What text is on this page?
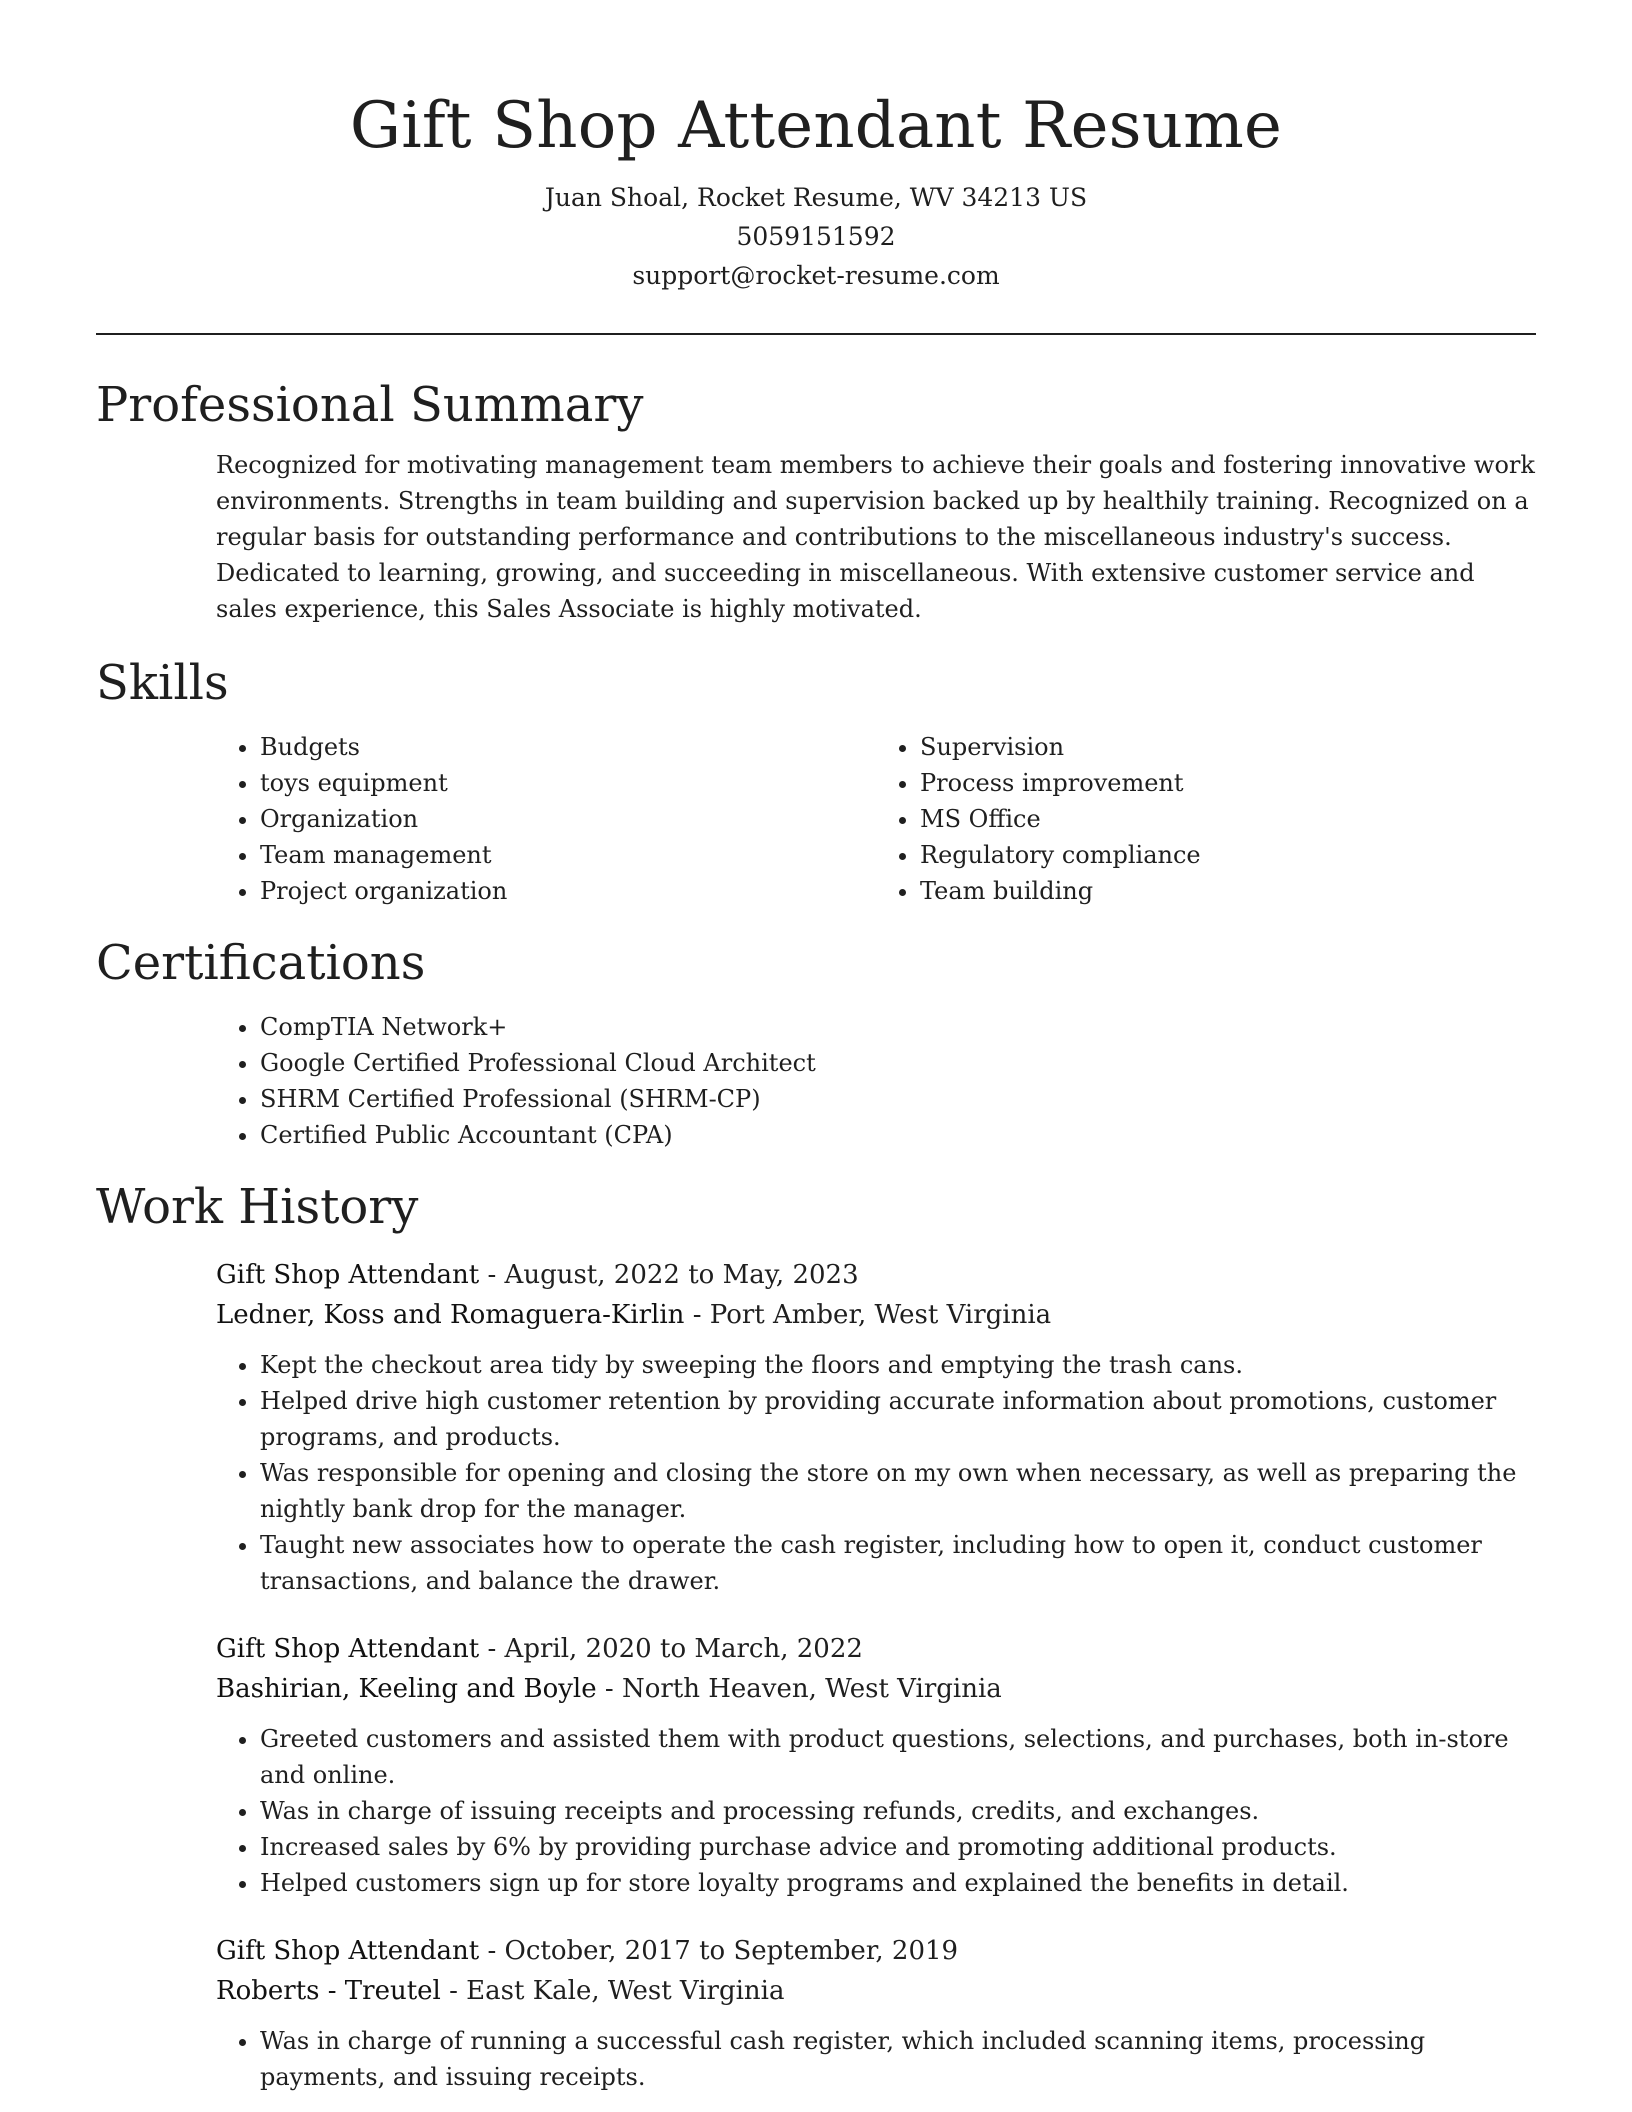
Gift Shop Attendant Resume

Juan Shoal, Rocket Resume, WV 34213 US

5059151592

support@rocket-resume.com

Professional Summary

Recognized for motivating management team members to achieve their goals and fostering innovative work environments. Strengths in team building and supervision backed up by healthily training. Recognized on a regular basis for outstanding performance and contributions to the miscellaneous industry's success. Dedicated to learning, growing, and succeeding in miscellaneous. With extensive customer service and sales experience, this Sales Associate is highly motivated.

Skills
• Budgets
• toys equipment
• Organization
• Team management
• Project organization
• Supervision
• Process improvement
• MS Office
• Regulatory compliance
• Team building
Certifications
• CompTIA Network+
• Google Certified Professional Cloud Architect
• SHRM Certified Professional (SHRM-CP)
• Certified Public Accountant (CPA)
Work History

Gift Shop Attendant - August, 2022 to May, 2023

Ledner, Koss and Romaguera-Kirlin - Port Amber, West Virginia

• Kept the checkout area tidy by sweeping the floors and emptying the trash cans.
• Helped drive high customer retention by providing accurate information about promotions, customer programs, and products.
• Was responsible for opening and closing the store on my own when necessary, as well as preparing the nightly bank drop for the manager.
• Taught new associates how to operate the cash register, including how to open it, conduct customer transactions, and balance the drawer.

Gift Shop Attendant - April, 2020 to March, 2022

Bashirian, Keeling and Boyle - North Heaven, West Virginia

• Greeted customers and assisted them with product questions, selections, and purchases, both in-store and online.
• Was in charge of issuing receipts and processing refunds, credits, and exchanges.
• Increased sales by 6% by providing purchase advice and promoting additional products.
• Helped customers sign up for store loyalty programs and explained the benefits in detail.

Gift Shop Attendant - October, 2017 to September, 2019

Roberts - Treutel - East Kale, West Virginia

• Was in charge of running a successful cash register, which included scanning items, processing payments, and issuing receipts.
